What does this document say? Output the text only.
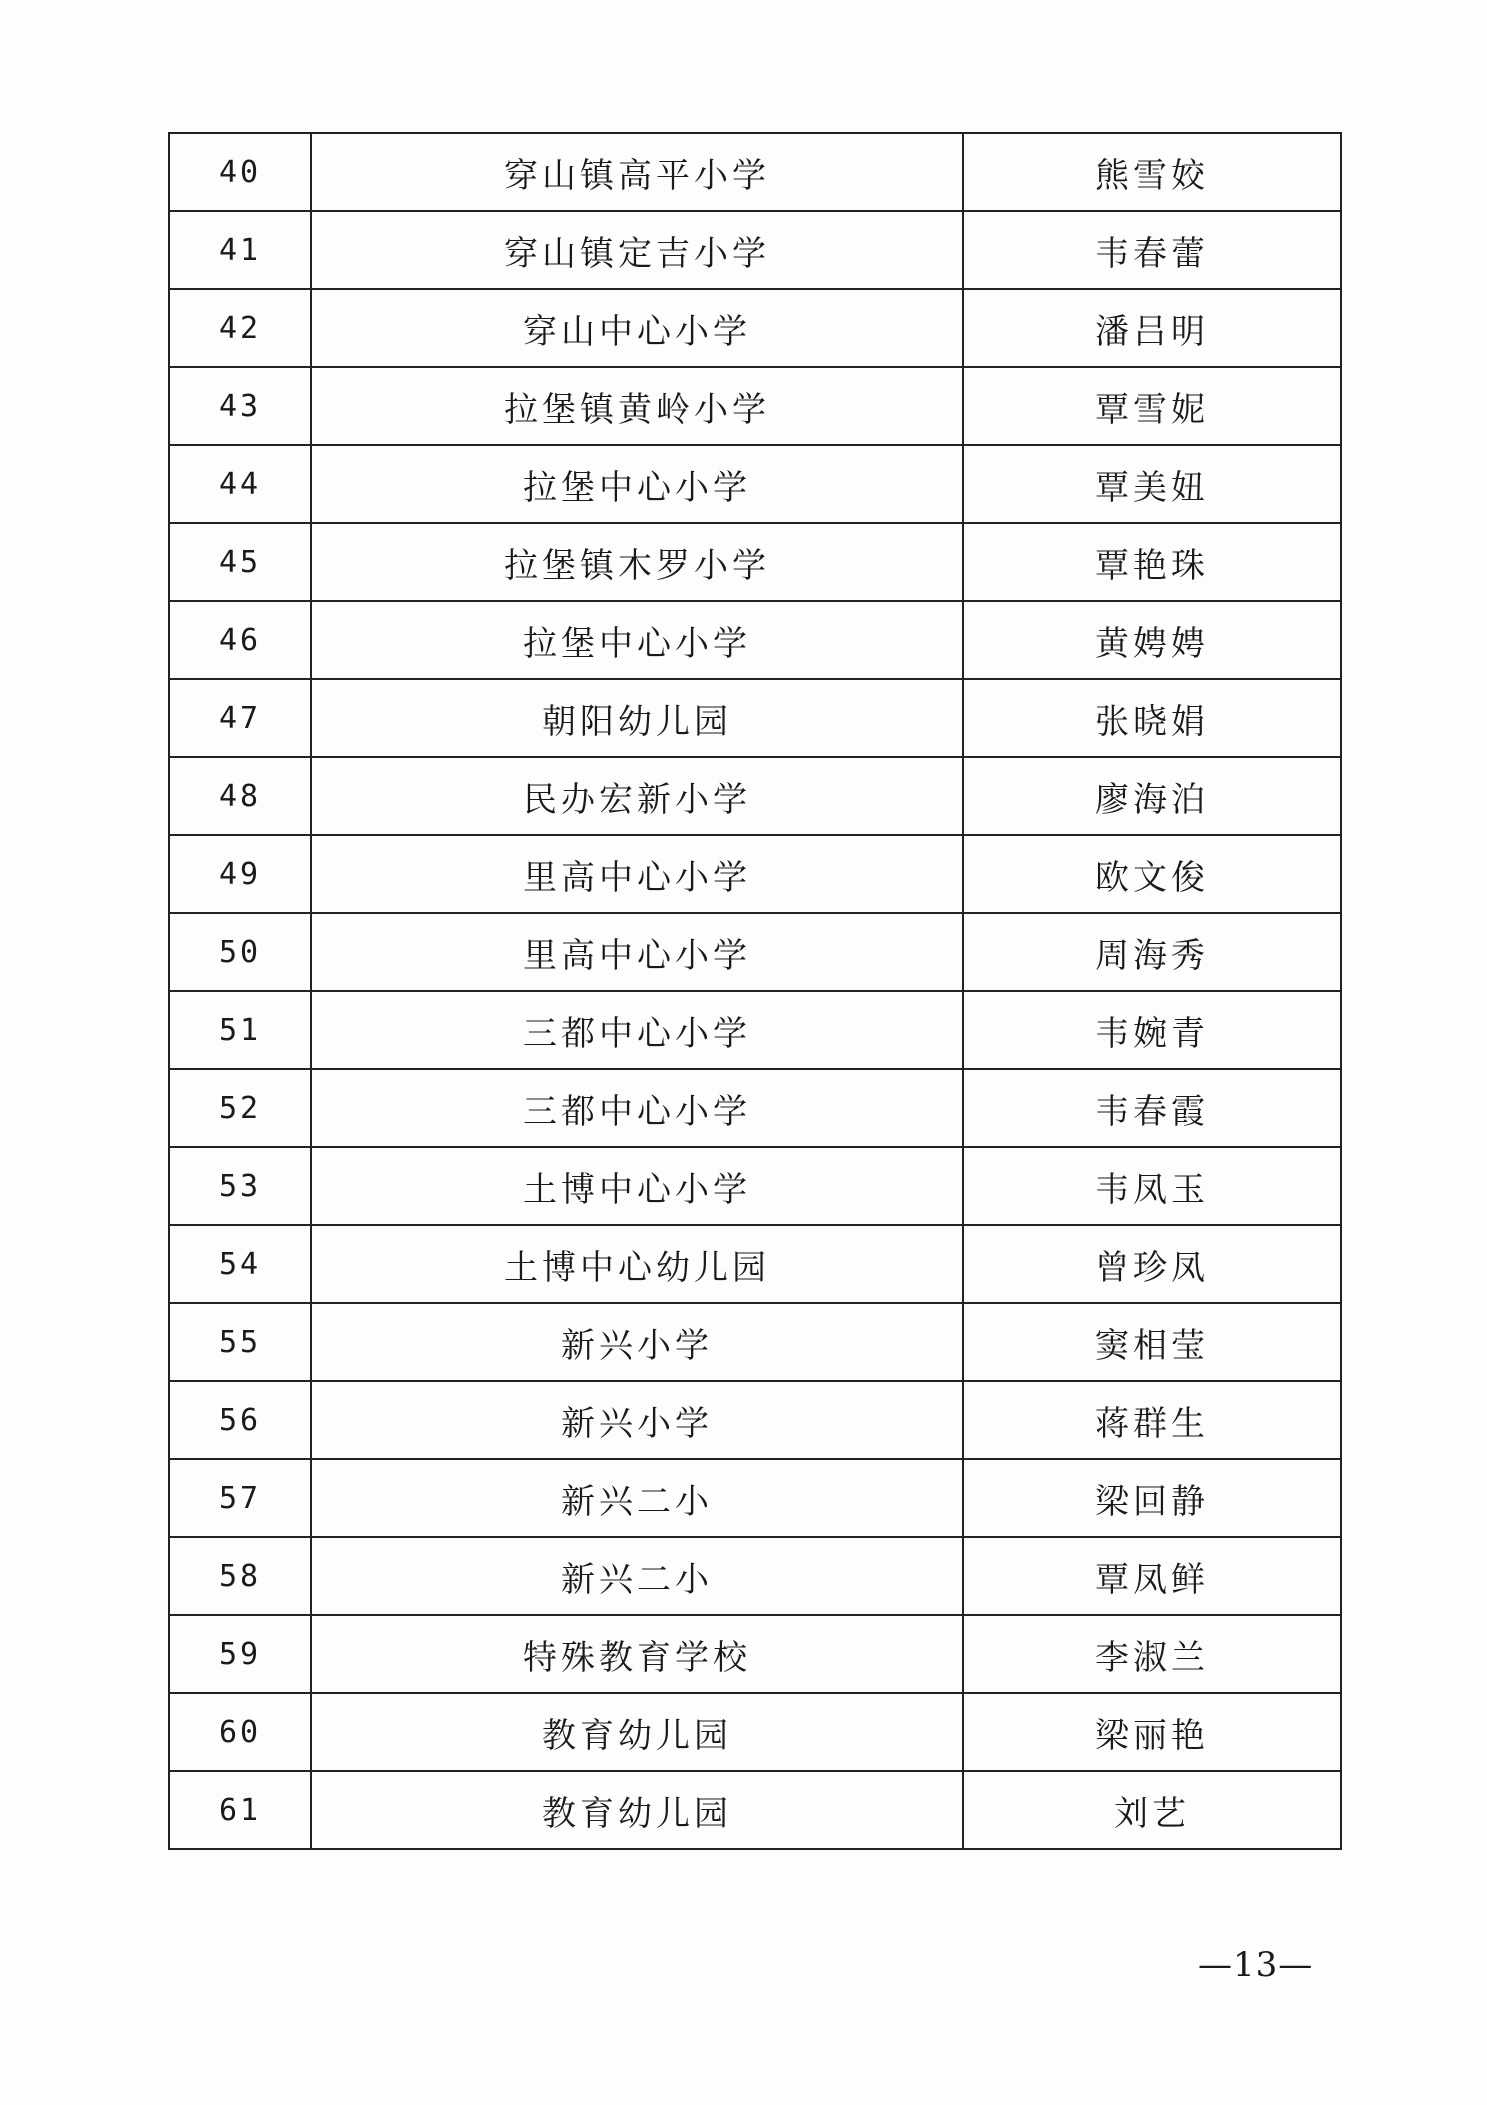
40	穿山镇高平小学	熊雪姣
41	穿山镇定吉小学	韦春蕾
42	穿山中心小学	潘吕明
43	拉堡镇黄岭小学	覃雪妮
44	拉堡中心小学	覃美妞
45	拉堡镇木罗小学	覃艳珠
46	拉堡中心小学	黄娉娉
47	朝阳幼儿园	张晓娟
48	民办宏新小学	廖海泊
49	里高中心小学	欧文俊
50	里高中心小学	周海秀
51	三都中心小学	韦婉青
52	三都中心小学	韦春霞
53	土博中心小学	韦凤玉
54	土博中心幼儿园	曾珍凤
55	新兴小学	窦相莹
56	新兴小学	蒋群生
57	新兴二小	梁回静
58	新兴二小	覃凤鲜
59	特殊教育学校	李淑兰
60	教育幼儿园	梁丽艳
61	教育幼儿园	刘艺
—13—
